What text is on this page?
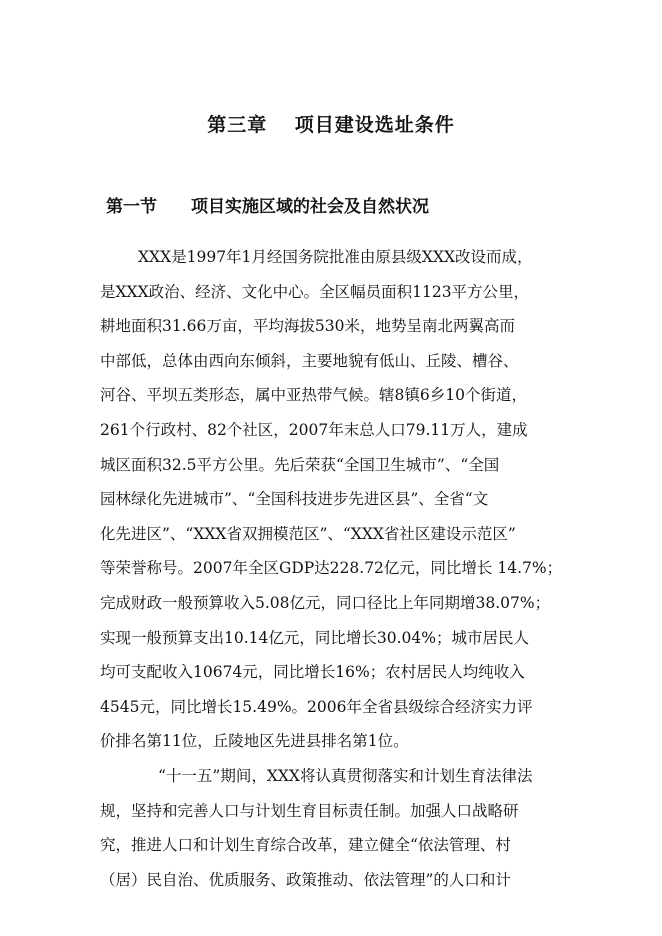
第三章　 项目建设选址条件
第一节　　项目实施区域的社会及自然状况
XXX是1997年1月经国务院批准由原县级XXX改设而成，
是XXX政治、经济、文化中心。全区幅员面积1123平方公里，
耕地面积31.66万亩，平均海拔530米，地势呈南北两翼高而
中部低，总体由西向东倾斜，主要地貌有低山、丘陵、槽谷、
河谷、平坝五类形态，属中亚热带气候。辖8镇6乡10个街道，
261个行政村、82个社区，2007年末总人口79.11万人，建成
城区面积32.5平方公里。先后荣获“全国卫生城市”、“全国
园林绿化先进城市”、“全国科技进步先进区县”、全省“文
化先进区”、“XXX省双拥模范区”、“XXX省社区建设示范区”
等荣誉称号。2007年全区GDP达228.72亿元，同比增长 14.7%；
完成财政一般预算收入5.08亿元，同口径比上年同期增38.07%；
实现一般预算支出10.14亿元，同比增长30.04%；城市居民人
均可支配收入10674元，同比增长16%；农村居民人均纯收入
4545元，同比增长15.49%。2006年全省县级综合经济实力评
价排名第11位，丘陵地区先进县排名第1位。
“十一五”期间，XXX将认真贯彻落实和计划生育法律法
规，坚持和完善人口与计划生育目标责任制。加强人口战略研
究，推进人口和计划生育综合改革，建立健全“依法管理、村
（居）民自治、优质服务、政策推动、依法管理”的人口和计
